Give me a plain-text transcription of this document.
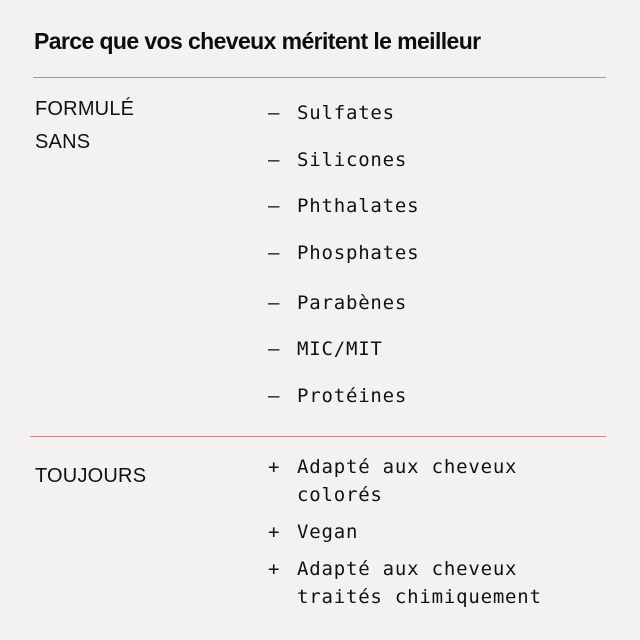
Parce que vos cheveux méritent le meilleur
FORMULÉ SANS
— Sulfates
— Silicones
— Phthalates
— Phosphates
— Parabènes
— MIC/MIT
— Protéines
TOUJOURS	+ Adapté aux cheveux colorés
+ Vegan
+ Adapté aux cheveux traités chimiquement
